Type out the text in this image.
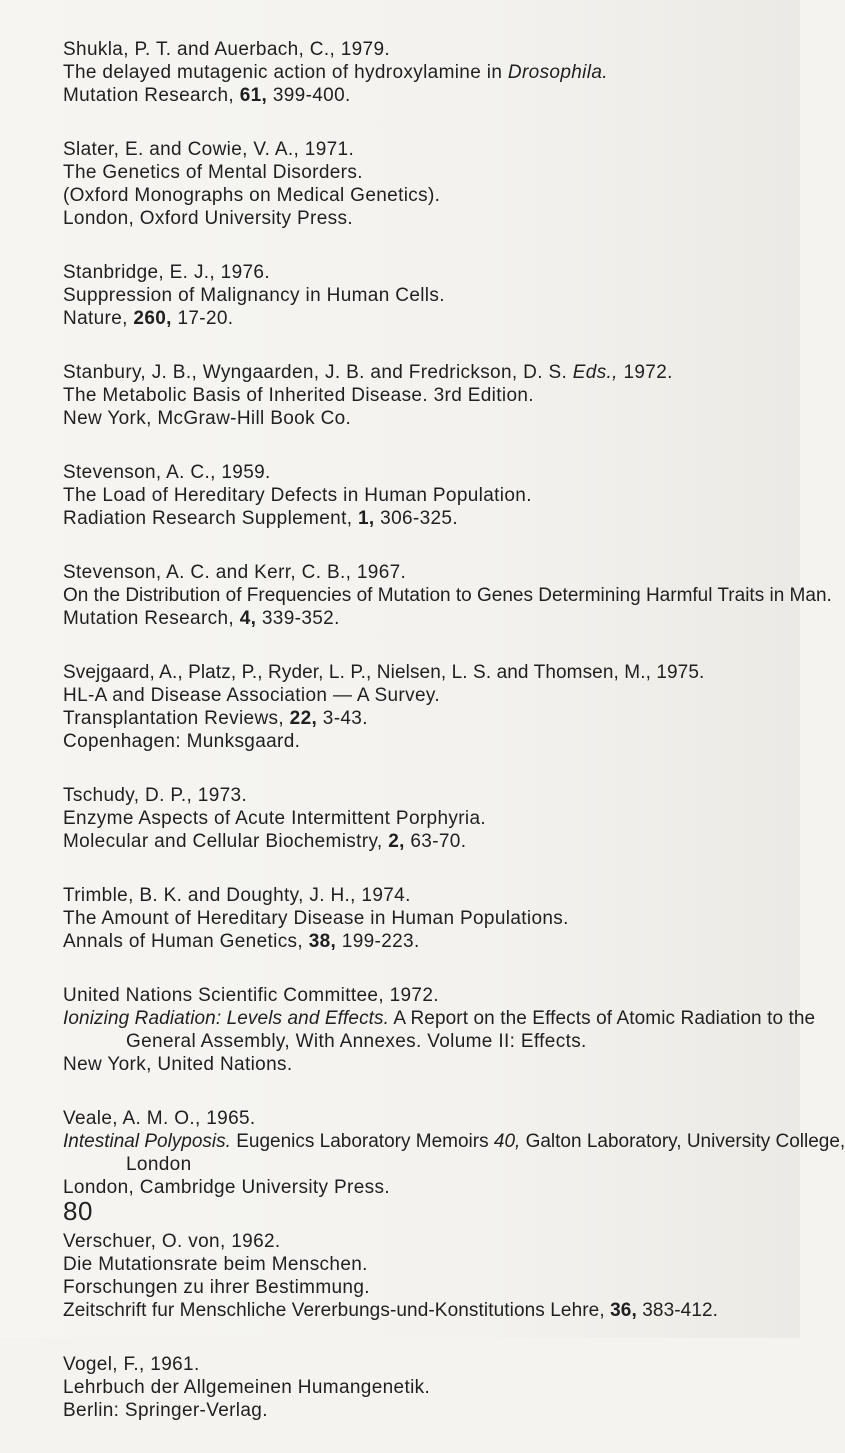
Shukla, P. T. and Auerbach, C., 1979.
The delayed mutagenic action of hydroxylamine in Drosophila.
Mutation Research, 61, 399-400.
Slater, E. and Cowie, V. A., 1971.
The Genetics of Mental Disorders.
(Oxford Monographs on Medical Genetics).
London, Oxford University Press.
Stanbridge, E. J., 1976.
Suppression of Malignancy in Human Cells.
Nature, 260, 17-20.
Stanbury, J. B., Wyngaarden, J. B. and Fredrickson, D. S. Eds., 1972.
The Metabolic Basis of Inherited Disease. 3rd Edition.
New York, McGraw-Hill Book Co.
Stevenson, A. C., 1959.
The Load of Hereditary Defects in Human Population.
Radiation Research Supplement, 1, 306-325.
Stevenson, A. C. and Kerr, C. B., 1967.
On the Distribution of Frequencies of Mutation to Genes Determining Harmful Traits in Man.
Mutation Research, 4, 339-352.
Svejgaard, A., Platz, P., Ryder, L. P., Nielsen, L. S. and Thomsen, M., 1975.
HL-A and Disease Association — A Survey.
Transplantation Reviews, 22, 3-43.
Copenhagen: Munksgaard.
Tschudy, D. P., 1973.
Enzyme Aspects of Acute Intermittent Porphyria.
Molecular and Cellular Biochemistry, 2, 63-70.
Trimble, B. K. and Doughty, J. H., 1974.
The Amount of Hereditary Disease in Human Populations.
Annals of Human Genetics, 38, 199-223.
United Nations Scientific Committee, 1972.
Ionizing Radiation: Levels and Effects. A Report on the Effects of Atomic Radiation to the
General Assembly, With Annexes. Volume II: Effects.
New York, United Nations.
Veale, A. M. O., 1965.
Intestinal Polyposis. Eugenics Laboratory Memoirs 40, Galton Laboratory, University College,
London
London, Cambridge University Press.
Verschuer, O. von, 1962.
Die Mutationsrate beim Menschen.
Forschungen zu ihrer Bestimmung.
Zeitschrift fur Menschliche Vererbungs-und-Konstitutions Lehre, 36, 383-412.
Vogel, F., 1961.
Lehrbuch der Allgemeinen Humangenetik.
Berlin: Springer-Verlag.
80
